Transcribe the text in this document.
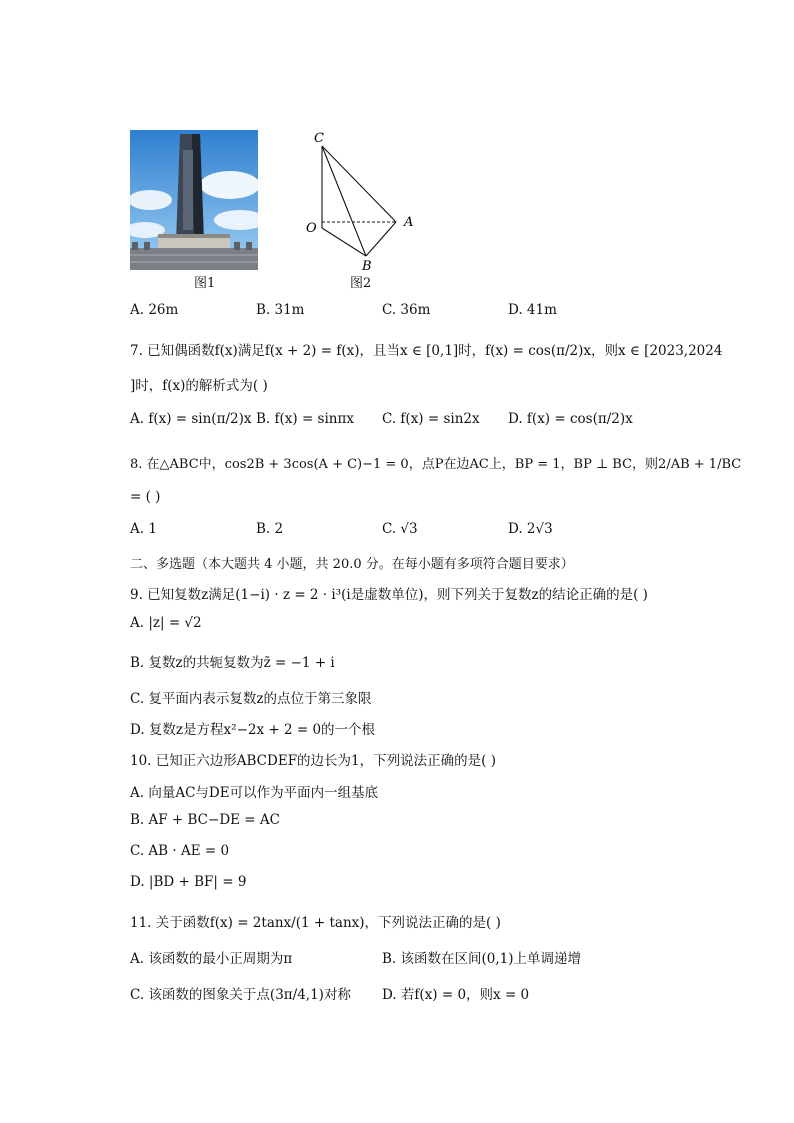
图1
C
O	A
B
图2
A. 26m	B. 31m	C. 36m	D. 41m
7. 已知偶函数f(x)满足f(x + 2) = f(x)，且当x ∈ [0,1]时，f(x) = cos(π/2)x，则x ∈ [2023,2024
]时，f(x)的解析式为( )
A. f(x) = sin(π/2)x B. f(x) = sinπx C. f(x) = sin2x D. f(x) = cos(π/2)x
8. 在△ABC中，cos2B + 3cos(A + C)−1 = 0，点P在边AC上，BP = 1，BP ⊥ BC，则2/AB + 1/BC
= ( )
A. 1	B. 2	C. √3	D. 2√3
二、多选题（本大题共 4 小题，共 20.0 分。在每小题有多项符合题目要求）
9. 已知复数z满足(1−i) · z = 2 · i³(i是虚数单位)，则下列关于复数z的结论正确的是( )
A. |z| = √2
B. 复数z的共轭复数为z̄ = −1 + i
C. 复平面内表示复数z的点位于第三象限
D. 复数z是方程x²−2x + 2 = 0的一个根
10. 已知正六边形ABCDEF的边长为1，下列说法正确的是( )
A. 向量AC与DE可以作为平面内一组基底
B. AF + BC−DE = AC
C. AB · AE = 0
D. |BD + BF| = 9
11. 关于函数f(x) = 2tanx/(1 + tanx)，下列说法正确的是( )
A. 该函数的最小正周期为π	B. 该函数在区间(0,1)上单调递增
C. 该函数的图象关于点(3π/4,1)对称 D. 若f(x) = 0，则x = 0
